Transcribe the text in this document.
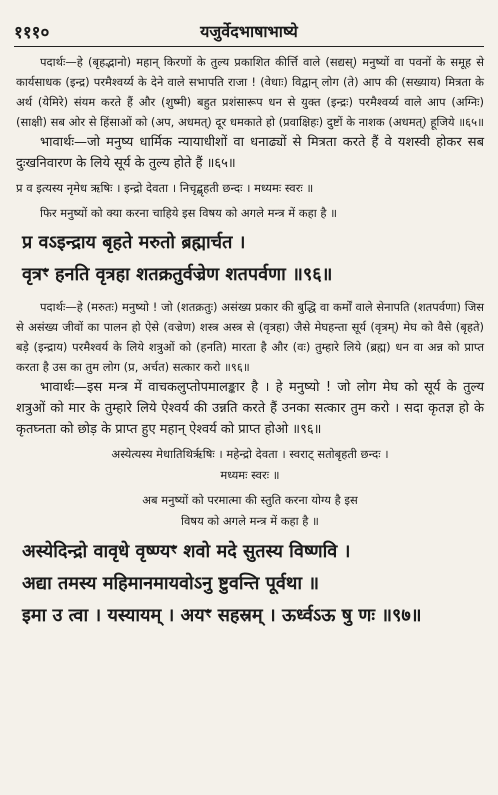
१११०	यजुर्वेदभाषाभाष्ये

पदार्थः—हे (बृहद्भानो) महान् किरणों के तुल्य प्रकाशित कीर्त्ति वाले (सद्यस्) मनुष्यों वा पवनों के समूह से कार्यसाधक (इन्द्र) परमैश्वर्य्य के देने वाले सभापति राजा ! (वेधाः) विद्वान् लोग (ते) आप की (सख्याय) मित्रता के अर्थ (येमिरे) संयम करते हैं और (शुष्मी) बहुत प्रशंसारूप धन से युक्त (इन्द्रः) परमैश्वर्य्य वाले आप (अग्निः) (साक्षी) सब ओर से हिंसाओं को (अप, अधमत्) दूर धमकाते हो (प्रवाक्षिहः) दुष्टों के नाशक (अधमत्) हूजिये ॥६५॥

भावार्थः—जो मनुष्य धार्मिक न्यायाधीशों वा धनाढ्यों से मित्रता करते हैं वे यशस्वी होकर सब दुःखनिवारण के लिये सूर्य के तुल्य होते हैं ॥६५॥

प्र व इत्यस्य नृमेध ऋषिः । इन्द्रो देवता । निचृद्बृहती छन्दः । मध्यमः स्वरः ॥

फिर मनुष्यों को क्या करना चाहिये इस विषय को अगले मन्त्र में कहा है ॥

प्र वऽइन्द्राय बृहते मरुतो ब्रह्मार्चत ।

वृत्रꣳ हनति वृत्रहा शतक्रतुर्वज्रेण शतपर्वणा ॥९६॥

पदार्थः—हे (मरुतः) मनुष्यो ! जो (शतक्रतुः) असंख्य प्रकार की बुद्धि वा कर्मों वाले सेनापति (शतपर्वणा) जिस से असंख्य जीवों का पालन हो ऐसे (वज्रेण) शस्त्र अस्त्र से (वृत्रहा) जैसे मेघहन्ता सूर्य (वृत्रम्) मेघ को वैसे (बृहते) बड़े (इन्द्राय) परमैश्वर्य के लिये शत्रुओं को (हनति) मारता है और (वः) तुम्हारे लिये (ब्रह्म) धन वा अन्न को प्राप्त करता है उस का तुम लोग (प्र, अर्चत) सत्कार करो ॥९६॥

भावार्थः—इस मन्त्र में वाचकलुप्तोपमालङ्कार है । हे मनुष्यो ! जो लोग मेघ को सूर्य के तुल्य शत्रुओं को मार के तुम्हारे लिये ऐश्वर्य की उन्नति करते हैं उनका सत्कार तुम करो । सदा कृतज्ञ हो के कृतघ्नता को छोड़ के प्राप्त हुए महान् ऐश्वर्य को प्राप्त होओ ॥९६॥

अस्येत्यस्य मेधातिथिर्ऋषिः । महेन्द्रो देवता । स्वराट् सतोबृहती छन्दः ।

मध्यमः स्वरः ॥

अब मनुष्यों को परमात्मा की स्तुति करना योग्य है इस

विषय को अगले मन्त्र में कहा है ॥

अस्येदिन्द्रो वावृधे वृष्ण्यꣳ शवो मदे सुतस्य विष्णवि ।

अद्या तमस्य महिमानमायवोऽनु ष्टुवन्ति पूर्वथा ॥

इमा उ त्वा । यस्यायम् । अयꣳ सहस्रम् । ऊर्ध्वऽऊ षु णः ॥९७॥
